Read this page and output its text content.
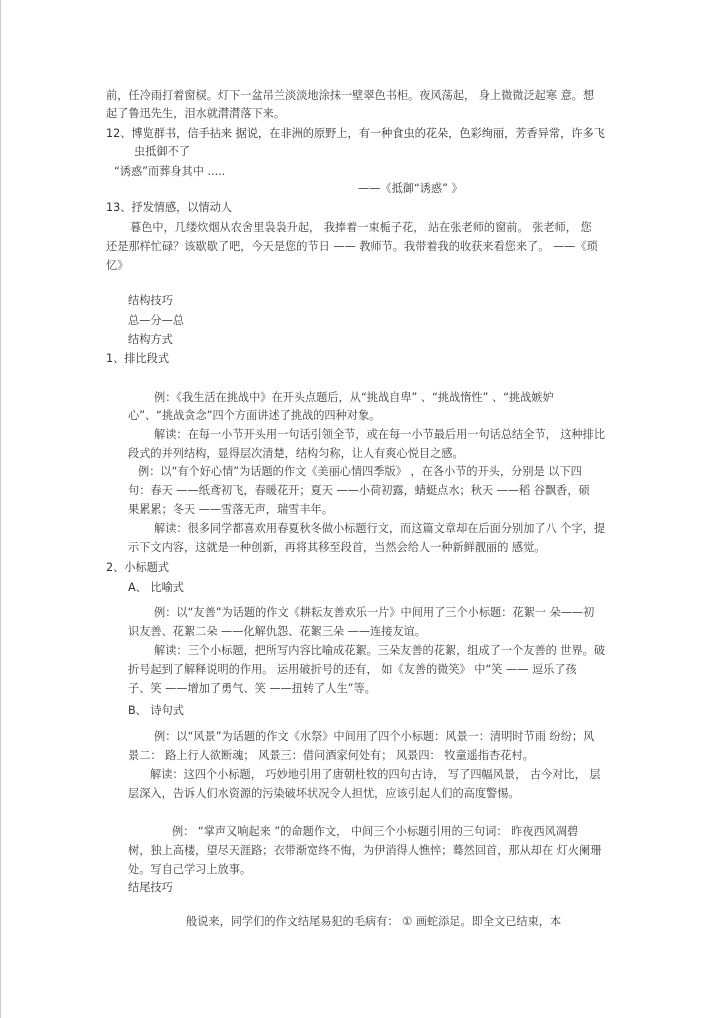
前，任冷雨打着窗棂。灯下一盆吊兰淡淡地涂抹一壁翠色书柜。夜风荡起， 身上微微泛起寒 意。想
起了鲁迅先生，泪水就潸潸落下来。
12、博览群书，信手拈来 据说，在非洲的原野上，有一种食虫的花朵，色彩绚丽，芳香异常，许多飞
虫抵御不了
“诱惑”而葬身其中 .....
——《抵御“诱惑” 》
13、抒发情感，以情动人
暮色中，几缕炊烟从农舍里袅袅升起， 我捧着一束栀子花， 站在张老师的窗前。 张老师， 您
还是那样忙碌？该歇歇了吧，今天是您的节日 —— 教师节。我带着我的收获来看您来了。 ——《琐
忆》
结构技巧
总—分—总
结构方式
1、排比段式
例：《我生活在挑战中》在开头点题后，从“挑战自卑” 、“挑战惰性” 、“挑战嫉妒
心”、“挑战贪念”四个方面讲述了挑战的四种对象。
解读：在每一小节开头用一句话引领全节，或在每一小节最后用一句话总结全节， 这种排比
段式的并列结构，显得层次清楚，结构匀称，让人有爽心悦目之感。
例：以“有个好心情”为话题的作文《美丽心情四季版》 ，在各小节的开头，分别是 以下四
句：春天 ——纸鸢初飞，春暖花开；夏天 ——小荷初露，蜻蜓点水；秋天 ——稻 谷飘香，硕
果累累；冬天 ——雪落无声，瑞雪丰年。
解读：很多同学都喜欢用春夏秋冬做小标题行文，而这篇文章却在后面分别加了八 个字，提
示下文内容，这就是一种创新，再将其移至段首，当然会给人一种新鲜靓丽的 感觉。
2、小标题式
A、 比喻式
例：以“友善”为话题的作文《耕耘友善欢乐一片》中间用了三个小标题：花絮一 朵——初
识友善、花絮二朵 ——化解仇怨、花絮三朵 ——连接友谊。
解读：三个小标题，把所写内容比喻成花絮。三朵友善的花絮，组成了一个友善的 世界。破
折号起到了解释说明的作用。 运用破折号的还有， 如《友善的微笑》 中“笑 —— 逗乐了孩
子、笑 ——增加了勇气、笑 ——扭转了人生”等。
B、 诗句式
例：以“风景”为话题的作文《水祭》中间用了四个小标题：风景一：清明时节雨 纷纷；风
景二： 路上行人欲断魂； 风景三：借问酒家何处有； 风景四： 牧童遥指杏花村。
解读：这四个小标题， 巧妙地引用了唐朝杜牧的四句古诗， 写了四幅风景， 古今对比， 层
层深入，告诉人们水资源的污染破坏状况令人担忧，应该引起人们的高度警惕。
例： “掌声又响起来 ”的命题作文， 中间三个小标题引用的三句词： 昨夜西风凋碧
树，独上高楼，望尽天涯路；衣带渐宽终不悔，为伊消得人憔悴；蓦然回首，那从却在 灯火阑珊
处。写自己学习上放事。
结尾技巧
般说来，同学们的作文结尾易犯的毛病有： ① 画蛇添足。即全文已结束，本
